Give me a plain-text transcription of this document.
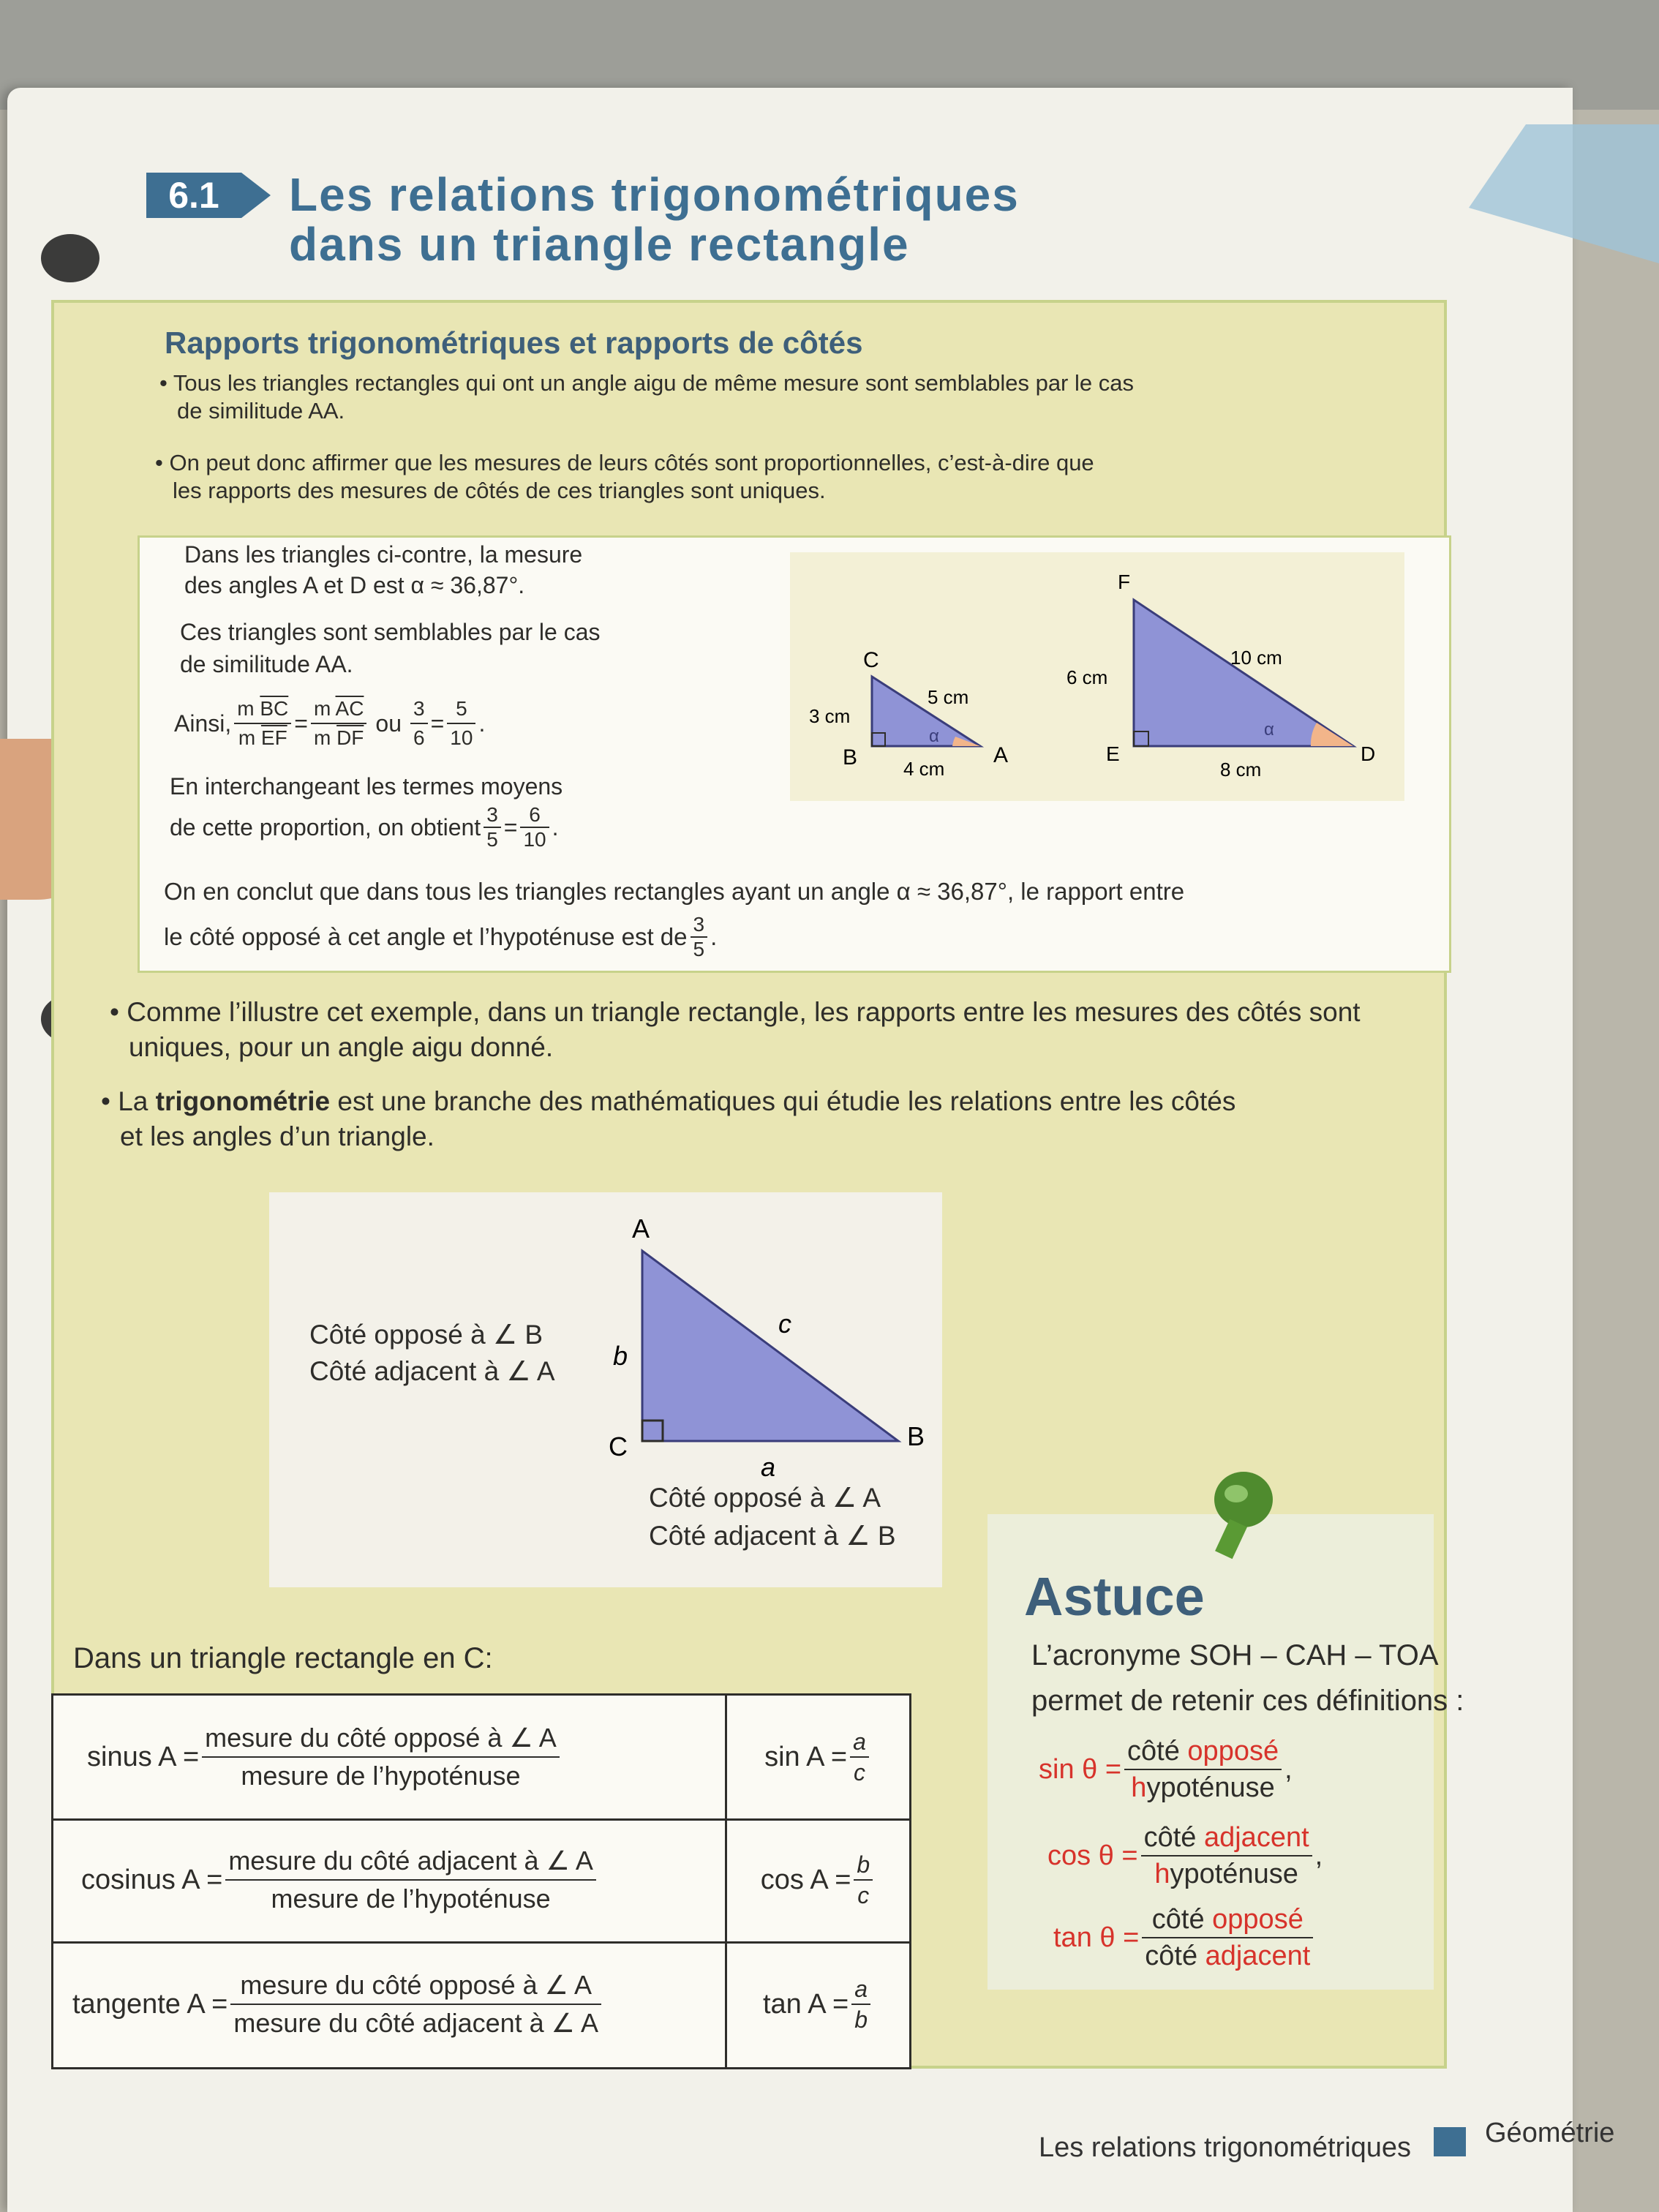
6.1	Les relations trigonométriques
dans un triangle rectangle
Rapports trigonométriques et rapports de côtés
• Tous les triangles rectangles qui ont un angle aigu de même mesure sont semblables par le cas
de similitude AA.
• On peut donc affirmer que les mesures de leurs côtés sont proportionnelles, c’est-à-dire que
les rapports des mesures de côtés de ces triangles sont uniques.
Dans les triangles ci-contre, la mesure
des angles A et D est α ≈ 36,87°.
Ces triangles sont semblables par le cas
de similitude AA.
Ainsi, $\frac{m \overline{BC}}{m \overline{EF}} = \frac{m \overline{AC}}{m \overline{DF}}$ ou $\frac{3}{6} = \frac{5}{10}$ .
En interchangeant les termes moyens
de cette proportion, on obtient $\frac{3}{5} = \frac{6}{10}$ .
On en conclut que dans tous les triangles rectangles ayant un angle α ≈ 36,87°, le rapport entre
le côté opposé à cet angle et l’hypoténuse est de $\frac{3}{5}$ .
C
B	A
3 cm
5 cm
4 cm
α
F
E	D
6 cm
10 cm
8 cm
α
• Comme l’illustre cet exemple, dans un triangle rectangle, les rapports entre les mesures des côtés sont
uniques, pour un angle aigu donné.
• La trigonométrie est une branche des mathématiques qui étudie les relations entre les côtés
et les angles d’un triangle.
Côté opposé à ∠ B
Côté adjacent à ∠ A
A
B
C
b
c
a
Côté opposé à ∠ A
Côté adjacent à ∠ B
Dans un triangle rectangle en C:
sinus $A = \frac{\text{mesure du côté opposé à ∠ A}}{\text{mesure de l’hypoténuse}}$	$\sin A = \frac{a}{c}$
cosinus $A = \frac{\text{mesure du côté adjacent à ∠ A}}{\text{mesure de l’hypoténuse}}$	$\cos A = \frac{b}{c}$
tangente $A = \frac{\text{mesure du côté opposé à ∠ A}}{\text{mesure du côté adjacent à ∠ A}}$	$\tan A = \frac{a}{b}$
Astuce
L’acronyme SOH – CAH – TOA
permet de retenir ces définitions :
$\sin \theta = \frac{\text{côté opposé}}{\text{hypoténuse}}$ ,
$\cos \theta = \frac{\text{côté adjacent}}{\text{hypoténuse}}$ ,
$\tan \theta = \frac{\text{côté opposé}}{\text{côté adjacent}}$
Les relations trigonométriques	Géométrie
